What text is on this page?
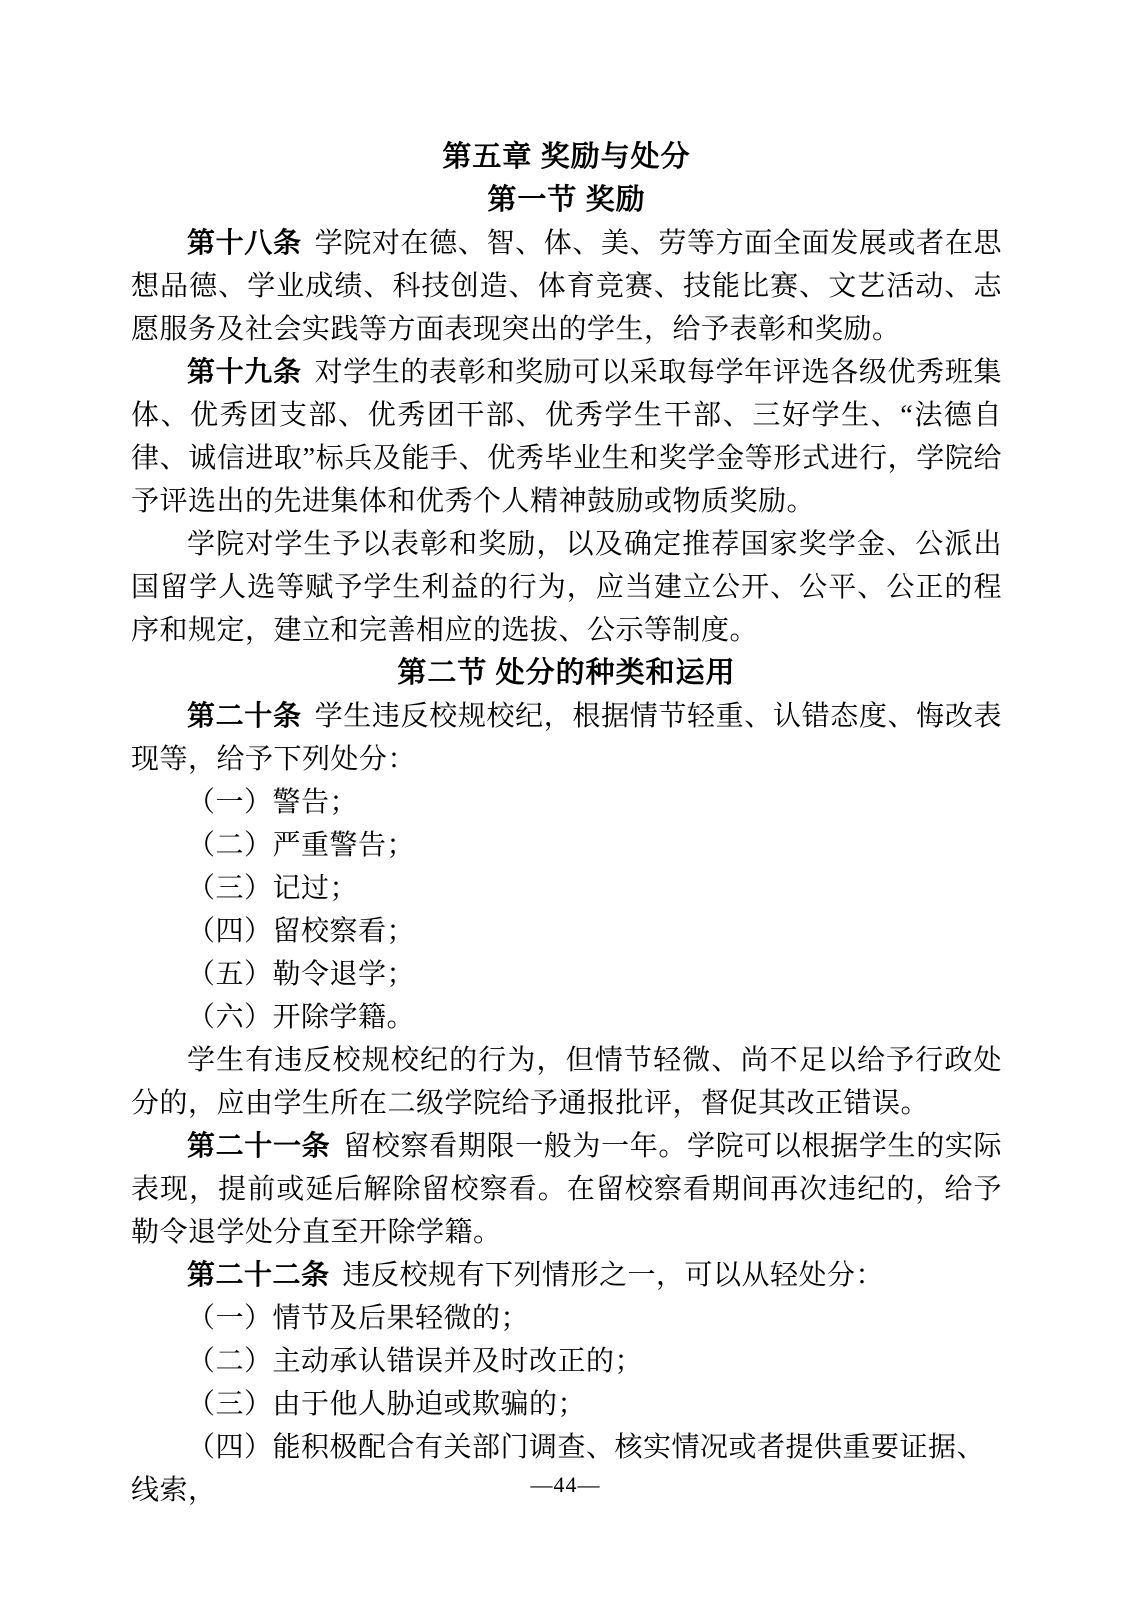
第五章 奖励与处分
第一节 奖励

第十八条 学院对在德、智、体、美、劳等方面全面发展或者在思想品德、学业成绩、科技创造、体育竞赛、技能比赛、文艺活动、志愿服务及社会实践等方面表现突出的学生，给予表彰和奖励。

第十九条 对学生的表彰和奖励可以采取每学年评选各级优秀班集体、优秀团支部、优秀团干部、优秀学生干部、三好学生、“法德自律、诚信进取”标兵及能手、优秀毕业生和奖学金等形式进行，学院给予评选出的先进集体和优秀个人精神鼓励或物质奖励。

学院对学生予以表彰和奖励，以及确定推荐国家奖学金、公派出国留学人选等赋予学生利益的行为，应当建立公开、公平、公正的程序和规定，建立和完善相应的选拔、公示等制度。

第二节 处分的种类和运用

第二十条 学生违反校规校纪，根据情节轻重、认错态度、悔改表现等，给予下列处分：

（一）警告；

（二）严重警告；

（三）记过；

（四）留校察看；

（五）勒令退学；

（六）开除学籍。

学生有违反校规校纪的行为，但情节轻微、尚不足以给予行政处分的，应由学生所在二级学院给予通报批评，督促其改正错误。

第二十一条 留校察看期限一般为一年。学院可以根据学生的实际表现，提前或延后解除留校察看。在留校察看期间再次违纪的，给予勒令退学处分直至开除学籍。

第二十二条 违反校规有下列情形之一，可以从轻处分：

（一）情节及后果轻微的；

（二）主动承认错误并及时改正的；

（三）由于他人胁迫或欺骗的；

（四）能积极配合有关部门调查、核实情况或者提供重要证据、线索，	—44—
